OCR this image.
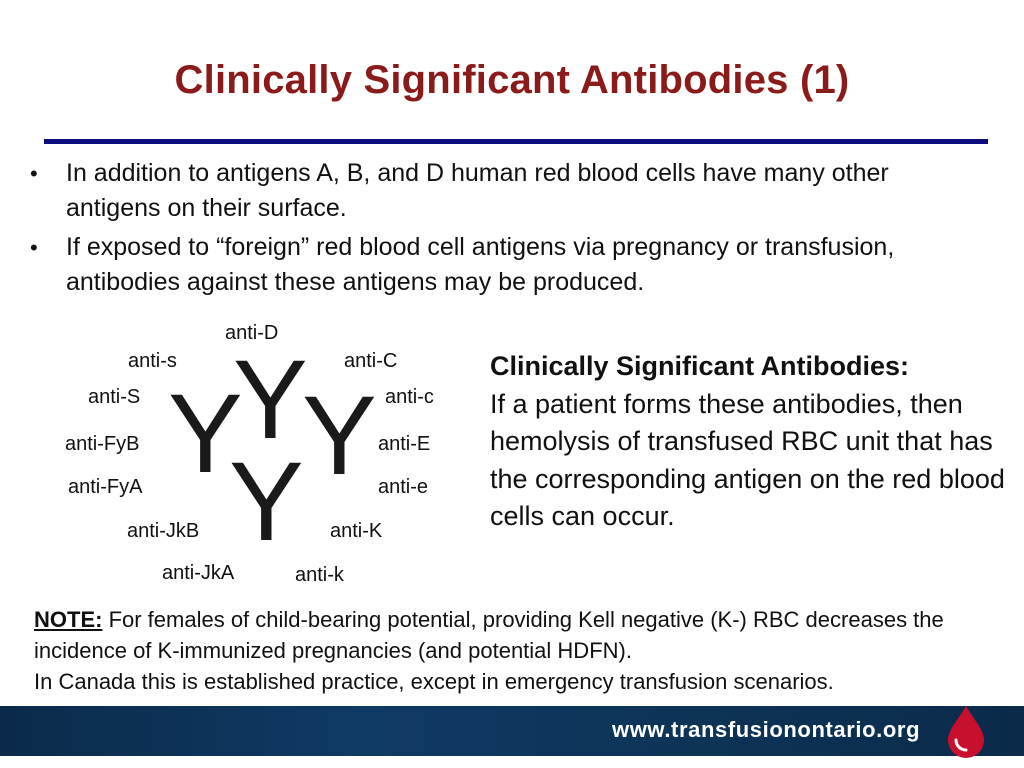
Clinically Significant Antibodies (1)
• In addition to antigens A, B, and D human red blood cells have many other antigens on their surface.
• If exposed to “foreign” red blood cell antigens via pregnancy or transfusion, antibodies against these antigens may be produced.
Y
Y Y
Y
anti-D
anti-s	anti-C
anti-S	anti-c
anti-FyB	anti-E
anti-FyA	anti-e
anti-JkB	anti-K
anti-JkA	anti-k
Clinically Significant Antibodies:
If a patient forms these antibodies, then hemolysis of transfused RBC unit that has the corresponding antigen on the red blood cells can occur.
NOTE: For females of child-bearing potential, providing Kell negative (K-) RBC decreases the incidence of K-immunized pregnancies (and potential HDFN).
In Canada this is established practice, except in emergency transfusion scenarios.
www.transfusionontario.org
